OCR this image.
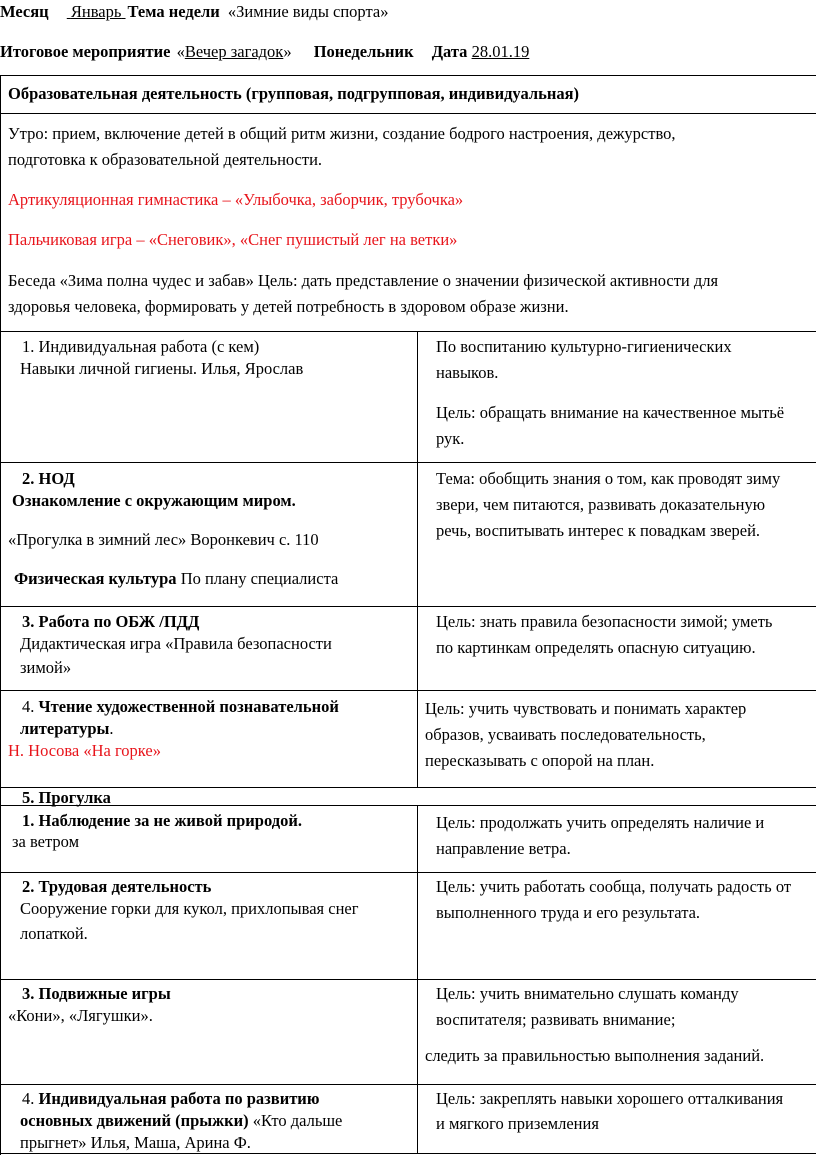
Месяц Январь Тема недели «Зимние виды спорта»
Итоговое мероприятие «Вечер загадок» Понедельник Дата 28.01.19
Образовательная деятельность (групповая, подгрупповая, индивидуальная)
Утро: прием, включение детей в общий ритм жизни, создание бодрого настроения, дежурство,
подготовка к образовательной деятельности.
Артикуляционная гимнастика – «Улыбочка, заборчик, трубочка»
Пальчиковая игра – «Снеговик», «Снег пушистый лег на ветки»
Беседа «Зима полна чудес и забав» Цель: дать представление о значении физической активности для
здоровья человека, формировать у детей потребность в здоровом образе жизни.
1. Индивидуальная работа (с кем)
Навыки личной гигиены. Илья, Ярослав
По воспитанию культурно-гигиенических
навыков.
Цель: обращать внимание на качественное мытьё
рук.
2. НОД
Ознакомление с окружающим миром.
«Прогулка в зимний лес» Воронкевич с. 110
Физическая культура По плану специалиста
Тема: обобщить знания о том, как проводят зиму
звери, чем питаются, развивать доказательную
речь, воспитывать интерес к повадкам зверей.
3. Работа по ОБЖ /ПДД
Дидактическая игра «Правила безопасности
зимой»
Цель: знать правила безопасности зимой; уметь
по картинкам определять опасную ситуацию.
4. Чтение художественной познавательной
литературы.
Н. Носова «На горке»
Цель: учить чувствовать и понимать характер
образов, усваивать последовательность,
пересказывать с опорой на план.
5. Прогулка
1. Наблюдение за не живой природой.
за ветром
Цель: продолжать учить определять наличие и
направление ветра.
2. Трудовая деятельность
Сооружение горки для кукол, прихлопывая снег
лопаткой.
Цель: учить работать сообща, получать радость от
выполненного труда и его результата.
3. Подвижные игры
«Кони», «Лягушки».
Цель: учить внимательно слушать команду
воспитателя; развивать внимание;
следить за правильностью выполнения заданий.
4. Индивидуальная работа по развитию
основных движений (прыжки) «Кто дальше
прыгнет» Илья, Маша, Арина Ф.
Цель: закреплять навыки хорошего отталкивания
и мягкого приземления
